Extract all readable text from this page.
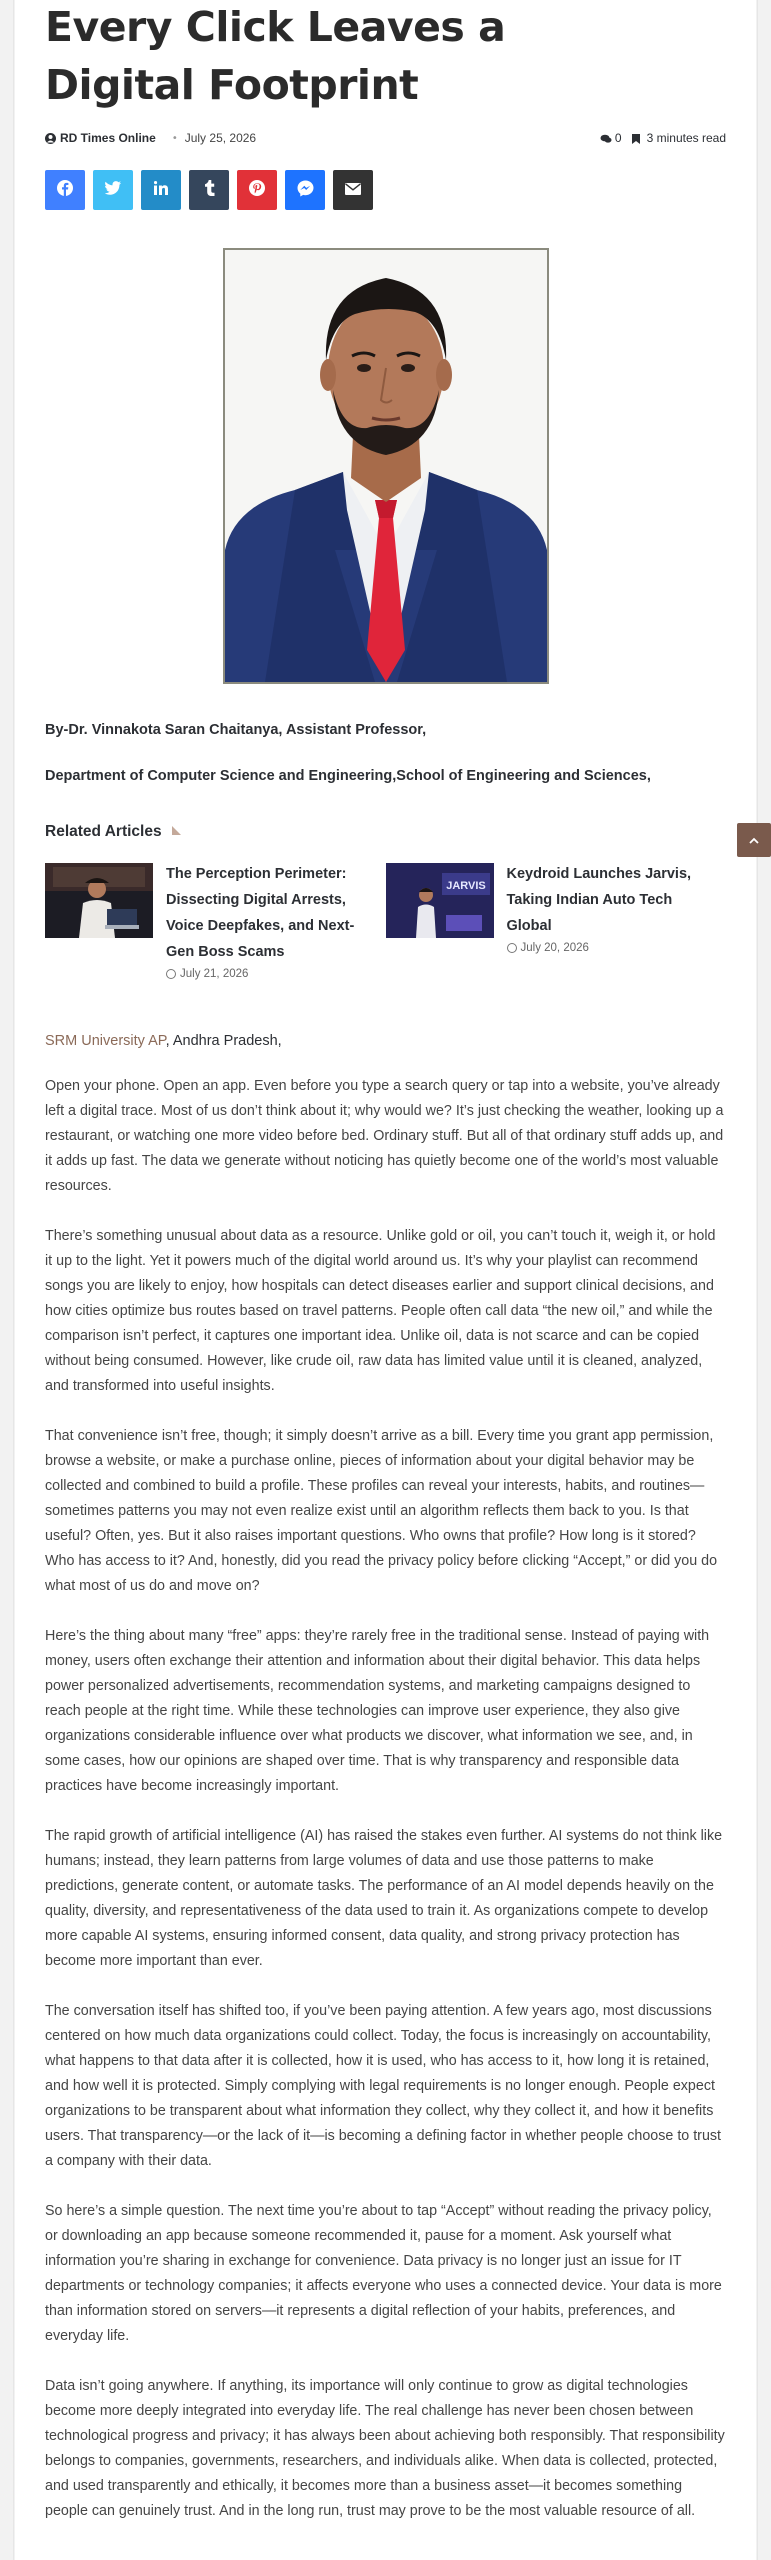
Every Click Leaves a Digital Footprint
RD Times Online • July 25, 2026	0 3 minutes read

By-Dr. Vinnakota Saran Chaitanya, Assistant Professor,

Department of Computer Science and Engineering,School of Engineering and Sciences,

Related Articles
The Perception Perimeter: Dissecting Digital Arrests, Voice Deepfakes, and Next-Gen Boss Scams
July 21, 2026
JARVIS
Keydroid Launches Jarvis, Taking Indian Auto Tech Global
July 20, 2026

SRM University AP, Andhra Pradesh,

Open your phone. Open an app. Even before you type a search query or tap into a website, you’ve already left a digital trace. Most of us don’t think about it; why would we? It’s just checking the weather, looking up a restaurant, or watching one more video before bed. Ordinary stuff. But all of that ordinary stuff adds up, and it adds up fast. The data we generate without noticing has quietly become one of the world’s most valuable resources.

There’s something unusual about data as a resource. Unlike gold or oil, you can’t touch it, weigh it, or hold it up to the light. Yet it powers much of the digital world around us. It’s why your playlist can recommend songs you are likely to enjoy, how hospitals can detect diseases earlier and support clinical decisions, and how cities optimize bus routes based on travel patterns. People often call data “the new oil,” and while the comparison isn’t perfect, it captures one important idea. Unlike oil, data is not scarce and can be copied without being consumed. However, like crude oil, raw data has limited value until it is cleaned, analyzed, and transformed into useful insights.

That convenience isn’t free, though; it simply doesn’t arrive as a bill. Every time you grant app permission, browse a website, or make a purchase online, pieces of information about your digital behavior may be collected and combined to build a profile. These profiles can reveal your interests, habits, and routines—sometimes patterns you may not even realize exist until an algorithm reflects them back to you. Is that useful? Often, yes. But it also raises important questions. Who owns that profile? How long is it stored? Who has access to it? And, honestly, did you read the privacy policy before clicking “Accept,” or did you do what most of us do and move on?

Here’s the thing about many “free” apps: they’re rarely free in the traditional sense. Instead of paying with money, users often exchange their attention and information about their digital behavior. This data helps power personalized advertisements, recommendation systems, and marketing campaigns designed to reach people at the right time. While these technologies can improve user experience, they also give organizations considerable influence over what products we discover, what information we see, and, in some cases, how our opinions are shaped over time. That is why transparency and responsible data practices have become increasingly important.

The rapid growth of artificial intelligence (AI) has raised the stakes even further. AI systems do not think like humans; instead, they learn patterns from large volumes of data and use those patterns to make predictions, generate content, or automate tasks. The performance of an AI model depends heavily on the quality, diversity, and representativeness of the data used to train it. As organizations compete to develop more capable AI systems, ensuring informed consent, data quality, and strong privacy protection has become more important than ever.

The conversation itself has shifted too, if you’ve been paying attention. A few years ago, most discussions centered on how much data organizations could collect. Today, the focus is increasingly on accountability, what happens to that data after it is collected, how it is used, who has access to it, how long it is retained, and how well it is protected. Simply complying with legal requirements is no longer enough. People expect organizations to be transparent about what information they collect, why they collect it, and how it benefits users. That transparency—or the lack of it—is becoming a defining factor in whether people choose to trust a company with their data.

So here’s a simple question. The next time you’re about to tap “Accept” without reading the privacy policy, or downloading an app because someone recommended it, pause for a moment. Ask yourself what information you’re sharing in exchange for convenience. Data privacy is no longer just an issue for IT departments or technology companies; it affects everyone who uses a connected device. Your data is more than information stored on servers—it represents a digital reflection of your habits, preferences, and everyday life.

Data isn’t going anywhere. If anything, its importance will only continue to grow as digital technologies become more deeply integrated into everyday life. The real challenge has never been chosen between technological progress and privacy; it has always been about achieving both responsibly. That responsibility belongs to companies, governments, researchers, and individuals alike. When data is collected, protected, and used transparently and ethically, it becomes more than a business asset—it becomes something people can genuinely trust. And in the long run, trust may prove to be the most valuable resource of all.
